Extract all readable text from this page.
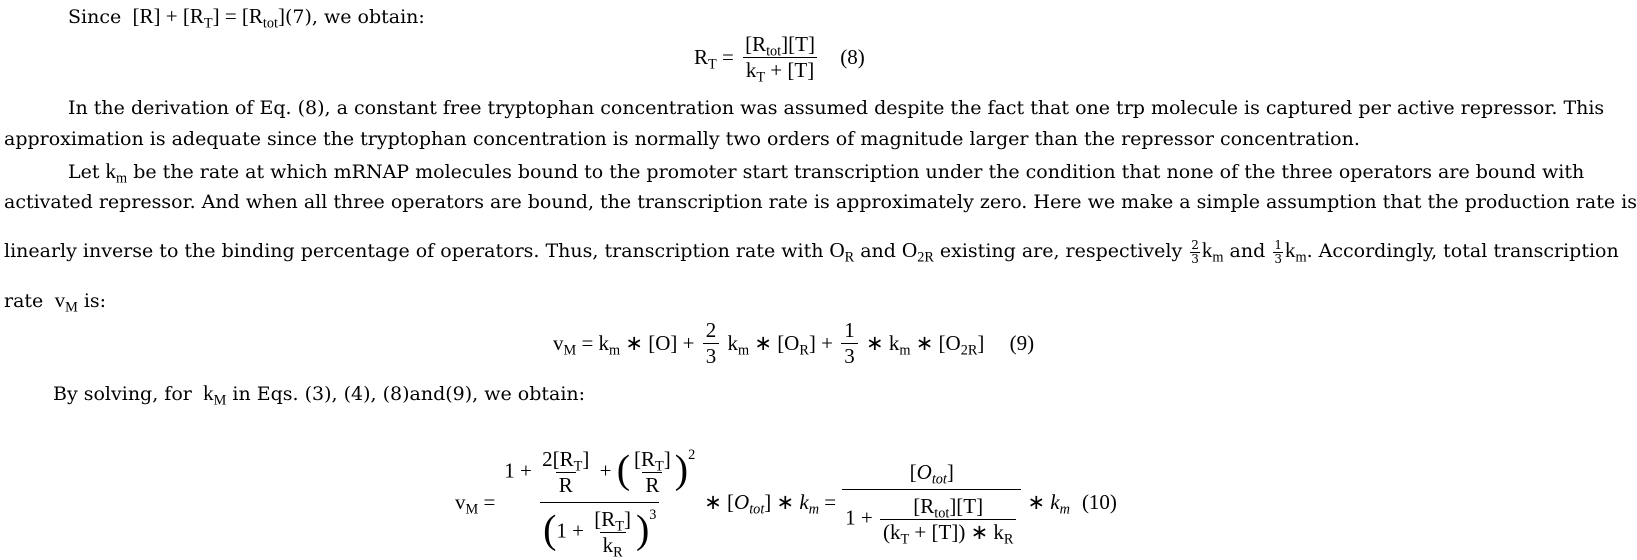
Since  $[R] + [R_T] = [R_{tot}](7)$, we obtain:
$R_T = \frac{[R_{tot}][T]}{k_T + [T]} (8)$
In the derivation of Eq. (8), a constant free tryptophan concentration was assumed despite the fact that one trp molecule is captured per active repressor. This
approximation is adequate since the tryptophan concentration is normally two orders of magnitude larger than the repressor concentration.
Let $k_m$ be the rate at which mRNAP molecules bound to the promoter start transcription under the condition that none of the three operators are bound with
activated repressor. And when all three operators are bound, the transcription rate is approximately zero. Here we make a simple assumption that the production rate is
linearly inverse to the binding percentage of operators. Thus, transcription rate with $O_R$ and $O_{2R}$ existing are, respectively $\frac{2}{3} k_m$ and $\frac{1}{3} k_m$. Accordingly, total transcription
rate  $v_M$ is:
$v_M = k_m$ ∗ $[O] + \frac{2}{3} k_m$ ∗ $[O_R] + \frac{1}{3}$ ∗ $k_m$ ∗ $[O_{2R}]$ (9)
By solving, for  $k_M$ in Eqs. (3), (4), (8)and(9), we obtain:
$v_M = \frac{1 + \frac{2[R_T]}{R} + ( \frac{[R_T]}{R} )^2}{(1 + \frac{[R_T]}{k_R} )^3}$ ∗ $[O_{tot}]$ ∗ $k_m = \frac{[O_{tot}]}{1 + \frac{[R_{tot}][T]}{(k_T + [T]) ∗ k_R}}$ ∗ $k_m$ (10)
